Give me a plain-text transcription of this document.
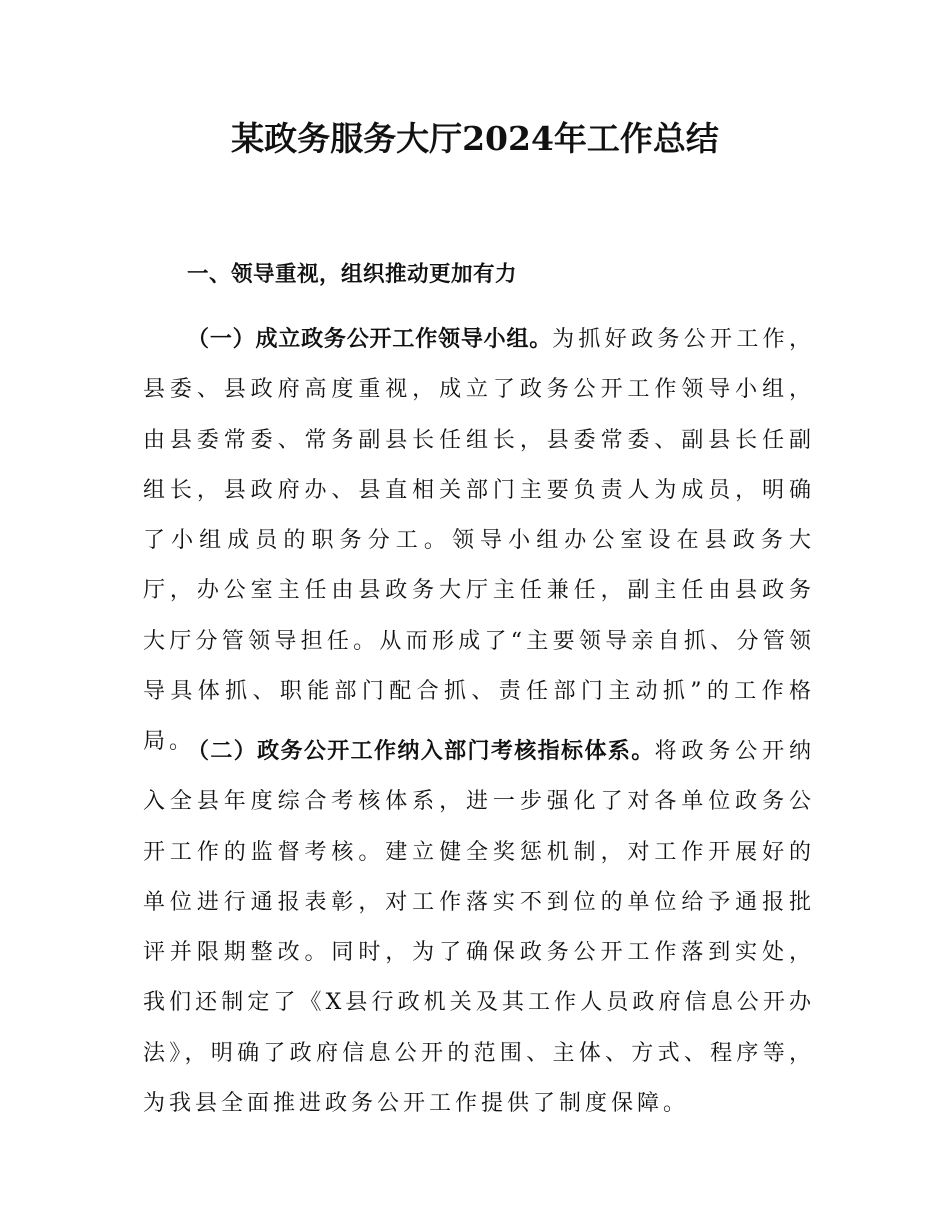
某政务服务大厅2024年工作总结
一、领导重视，组织推动更加有力

（一）成立政务公开工作领导小组。为抓好政务公开工作，县委、县政府高度重视，成立了政务公开工作领导小组，由县委常委、常务副县长任组长，县委常委、副县长任副组长，县政府办、县直相关部门主要负责人为成员，明确了小组成员的职务分工。领导小组办公室设在县政务大厅，办公室主任由县政务大厅主任兼任，副主任由县政务大厅分管领导担任。从而形成了“主要领导亲自抓、分管领导具体抓、职能部门配合抓、责任部门主动抓”的工作格局。

（二）政务公开工作纳入部门考核指标体系。将政务公开纳入全县年度综合考核体系，进一步强化了对各单位政务公开工作的监督考核。建立健全奖惩机制，对工作开展好的单位进行通报表彰，对工作落实不到位的单位给予通报批评并限期整改。同时，为了确保政务公开工作落到实处，我们还制定了《X县行政机关及其工作人员政府信息公开办法》，明确了政府信息公开的范围、主体、方式、程序等，为我县全面推进政务公开工作提供了制度保障。
